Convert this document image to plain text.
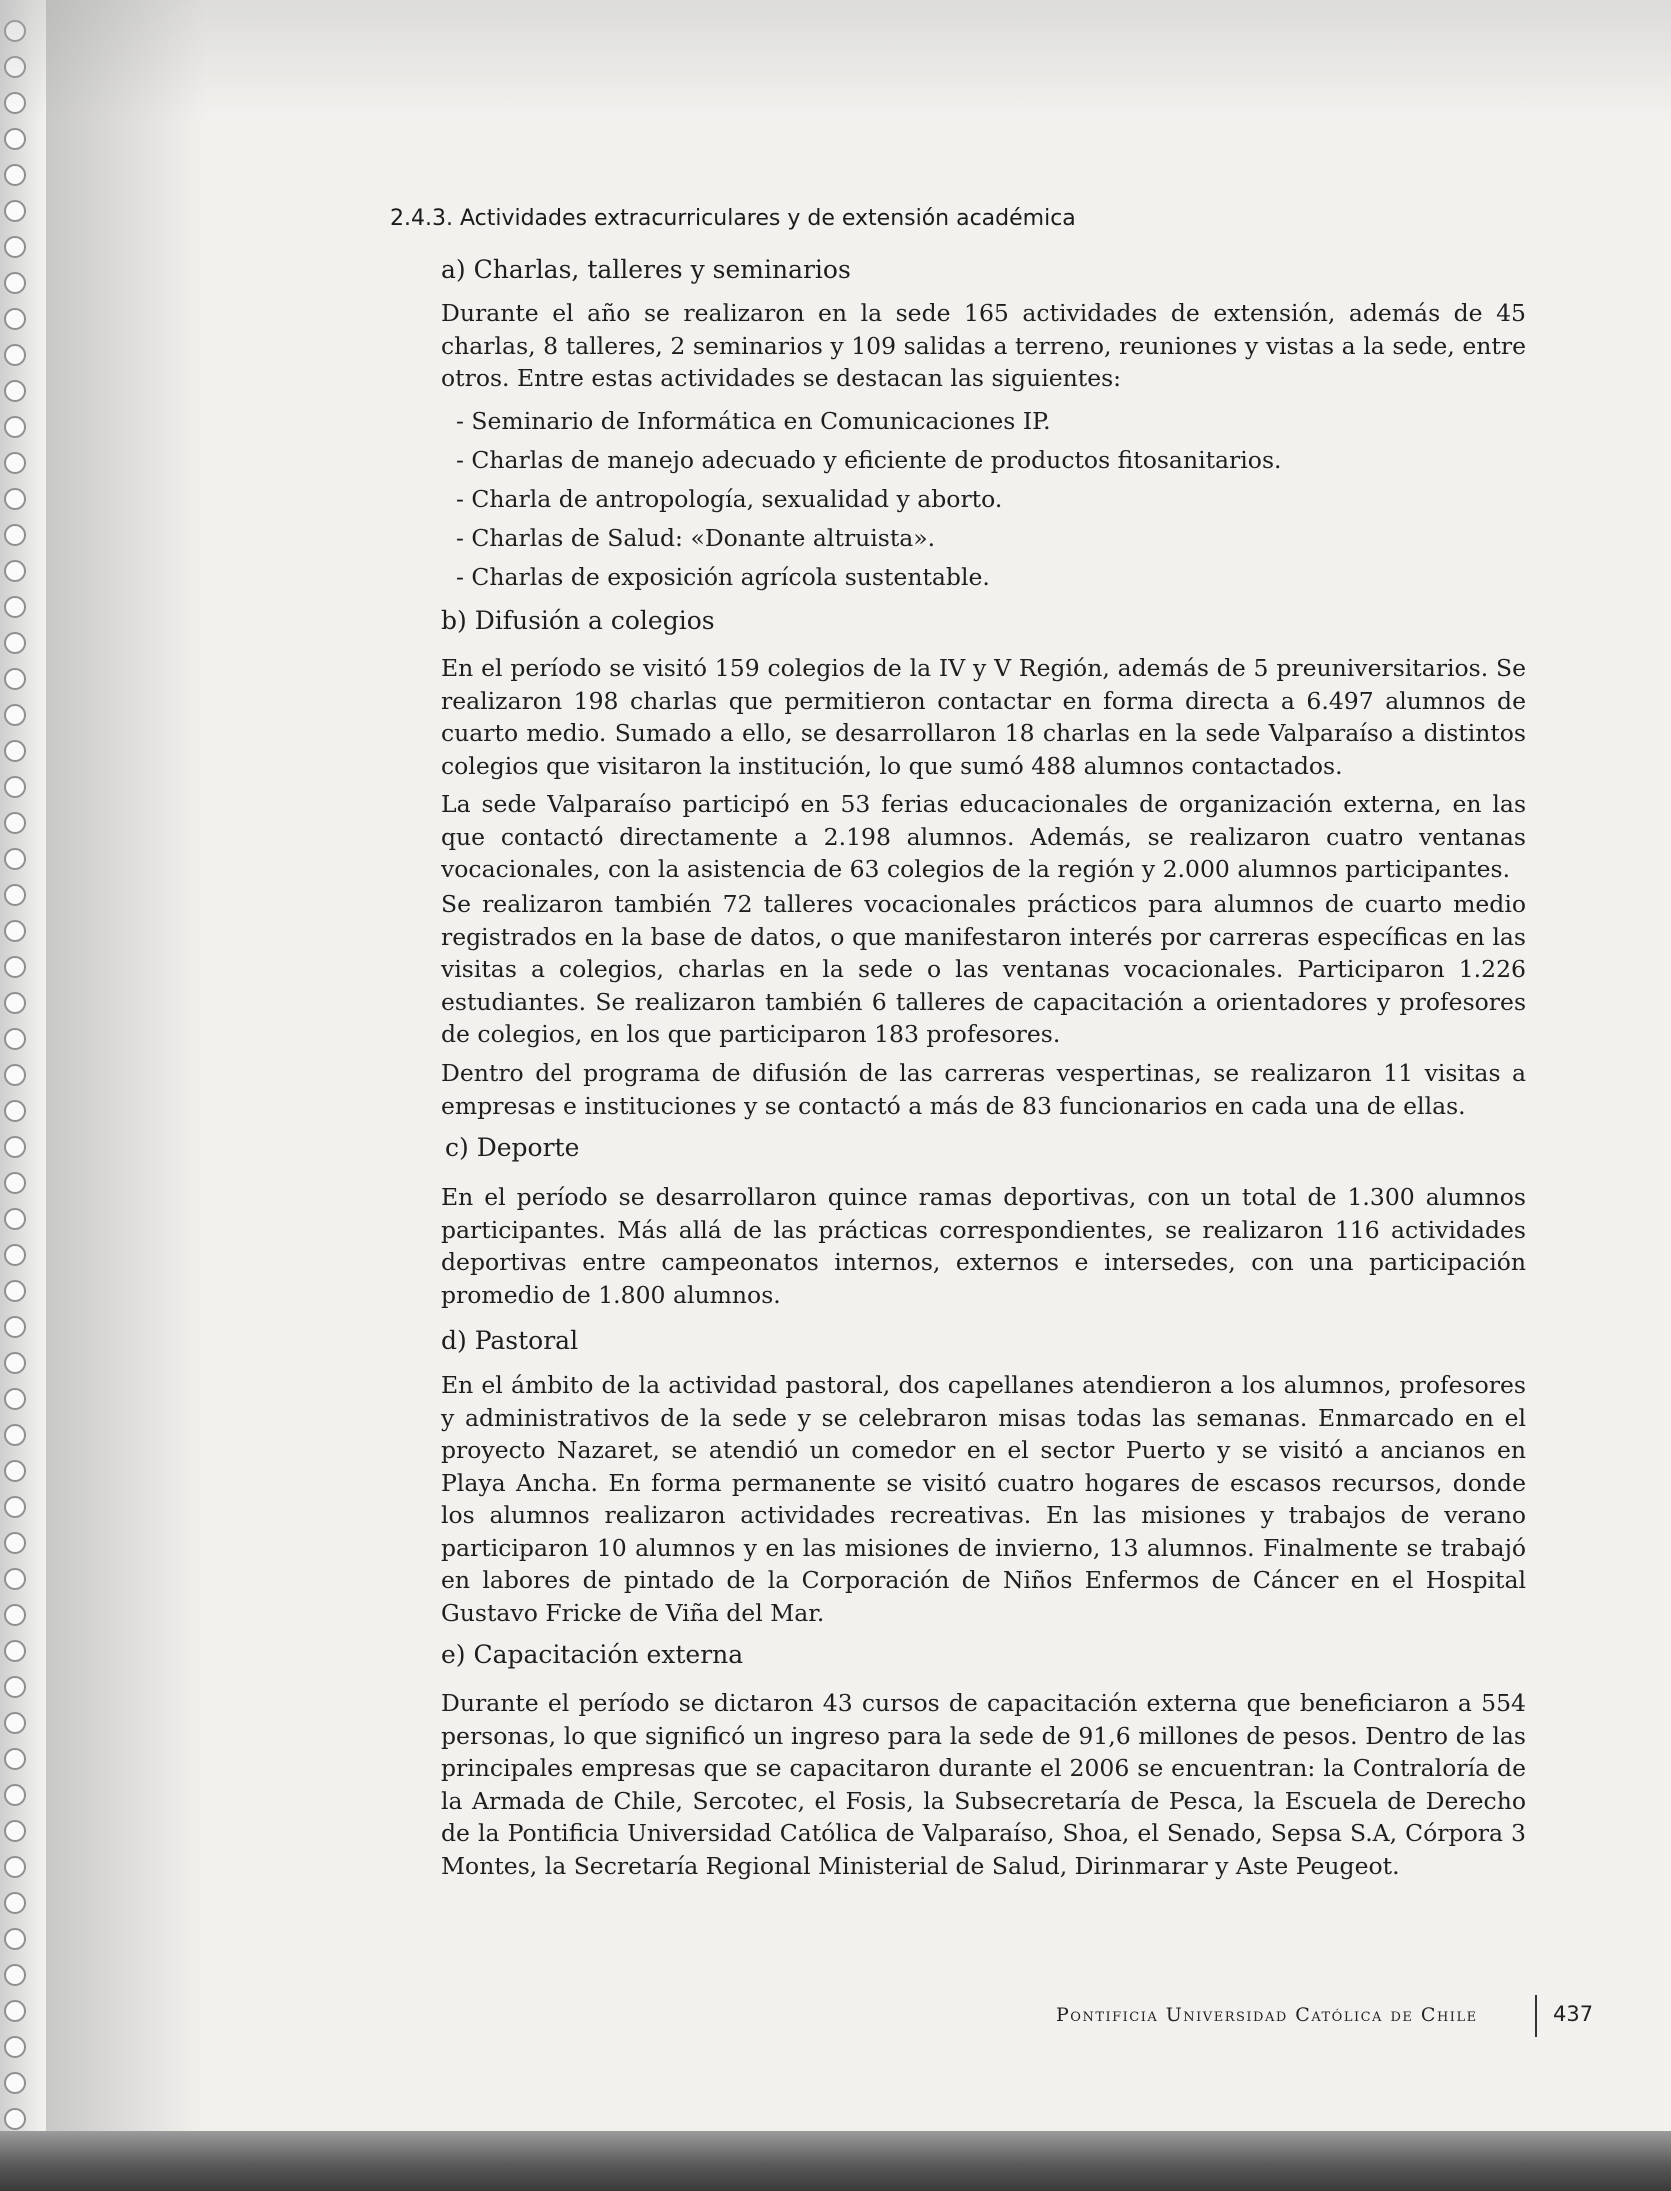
2.4.3. Actividades extracurriculares y de extensión académica
a) Charlas, talleres y seminarios

Durante el año se realizaron en la sede 165 actividades de extensión, además de 45 charlas, 8 talleres, 2 seminarios y 109 salidas a terreno, reuniones y vistas a la sede, entre otros. Entre estas actividades se destacan las siguientes:

- Seminario de Informática en Comunicaciones IP.
- Charlas de manejo adecuado y eficiente de productos fitosanitarios.
- Charla de antropología, sexualidad y aborto.
- Charlas de Salud: «Donante altruista».
- Charlas de exposición agrícola sustentable.
b) Difusión a colegios

En el período se visitó 159 colegios de la IV y V Región, además de 5 preuniversitarios. Se realizaron 198 charlas que permitieron contactar en forma directa a 6.497 alumnos de cuarto medio. Sumado a ello, se desarrollaron 18 charlas en la sede Valparaíso a distintos colegios que visitaron la institución, lo que sumó 488 alumnos contactados.

La sede Valparaíso participó en 53 ferias educacionales de organización externa, en las que contactó directamente a 2.198 alumnos. Además, se realizaron cuatro ventanas vocacionales, con la asistencia de 63 colegios de la región y 2.000 alumnos participantes.

Se realizaron también 72 talleres vocacionales prácticos para alumnos de cuarto medio registrados en la base de datos, o que manifestaron interés por carreras específicas en las visitas a colegios, charlas en la sede o las ventanas vocacionales. Participaron 1.226 estudiantes. Se realizaron también 6 talleres de capacitación a orientadores y profesores de colegios, en los que participaron 183 profesores.

Dentro del programa de difusión de las carreras vespertinas, se realizaron 11 visitas a empresas e instituciones y se contactó a más de 83 funcionarios en cada una de ellas.

c) Deporte

En el período se desarrollaron quince ramas deportivas, con un total de 1.300 alumnos participantes. Más allá de las prácticas correspondientes, se realizaron 116 actividades deportivas entre campeonatos internos, externos e intersedes, con una participación promedio de 1.800 alumnos.

d) Pastoral

En el ámbito de la actividad pastoral, dos capellanes atendieron a los alumnos, profesores y administrativos de la sede y se celebraron misas todas las semanas. Enmarcado en el proyecto Nazaret, se atendió un comedor en el sector Puerto y se visitó a ancianos en Playa Ancha. En forma permanente se visitó cuatro hogares de escasos recursos, donde los alumnos realizaron actividades recreativas. En las misiones y trabajos de verano participaron 10 alumnos y en las misiones de invierno, 13 alumnos. Finalmente se trabajó en labores de pintado de la Corporación de Niños Enfermos de Cáncer en el Hospital Gustavo Fricke de Viña del Mar.

e) Capacitación externa

Durante el período se dictaron 43 cursos de capacitación externa que beneficiaron a 554 personas, lo que significó un ingreso para la sede de 91,6 millones de pesos. Dentro de las principales empresas que se capacitaron durante el 2006 se encuentran: la Contraloría de la Armada de Chile, Sercotec, el Fosis, la Subsecretaría de Pesca, la Escuela de Derecho de la Pontificia Universidad Católica de Valparaíso, Shoa, el Senado, Sepsa S.A, Córpora 3 Montes, la Secretaría Regional Ministerial de Salud, Dirinmarar y Aste Peugeot.

Pontificia Universidad Católica de Chile	437
